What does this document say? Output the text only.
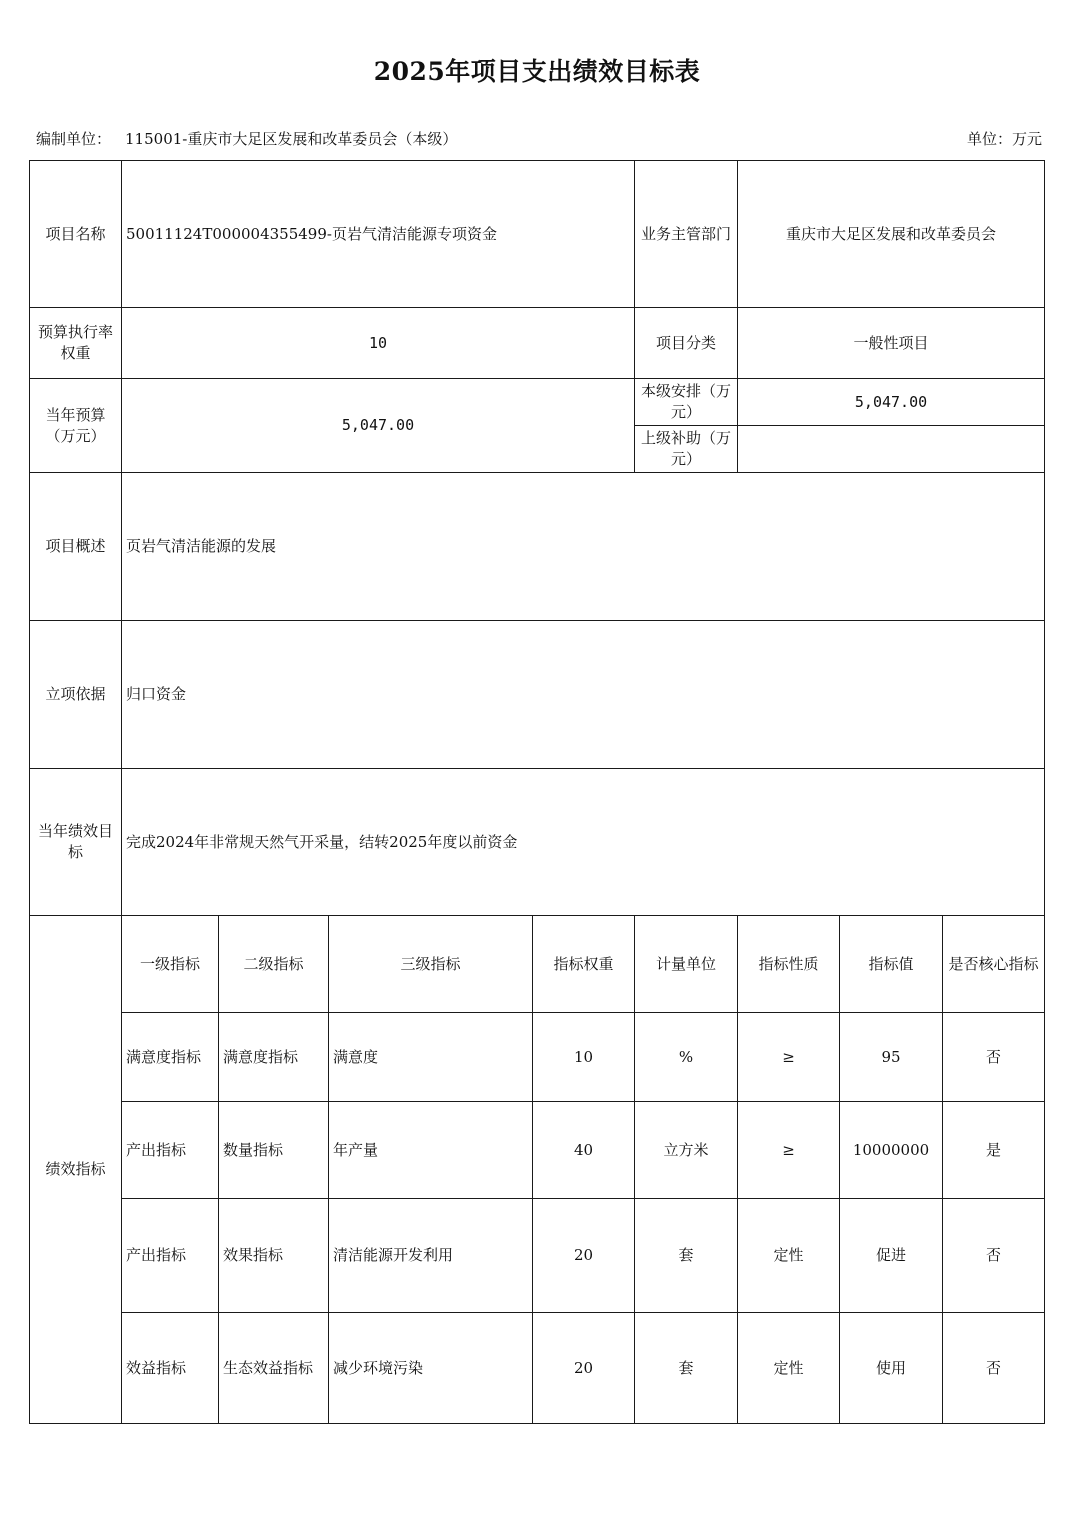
2025年项目支出绩效目标表
编制单位： 115001-重庆市大足区发展和改革委员会（本级）	单位：万元
项目名称	50011124T000004355499-页岩气清洁能源专项资金				业务主管部门	重庆市大足区发展和改革委员会		
预算执行率权重	10				项目分类	一般性项目		
当年预算（万元）	5,047.00				本级安排（万元）	5,047.00		
					上级补助（万元）			
项目概述	页岩气清洁能源的发展							
立项依据	归口资金							
当年绩效目标	完成2024年非常规天然气开采量，结转2025年度以前资金							
绩效指标	一级指标	二级指标	三级指标	指标权重	计量单位	指标性质	指标值	是否核心指标
	满意度指标	满意度指标	满意度	10	%	≥	95	否
	产出指标	数量指标	年产量	40	立方米	≥	10000000	是
	产出指标	效果指标	清洁能源开发利用	20	套	定性	促进	否
	效益指标	生态效益指标	减少环境污染	20	套	定性	使用	否
